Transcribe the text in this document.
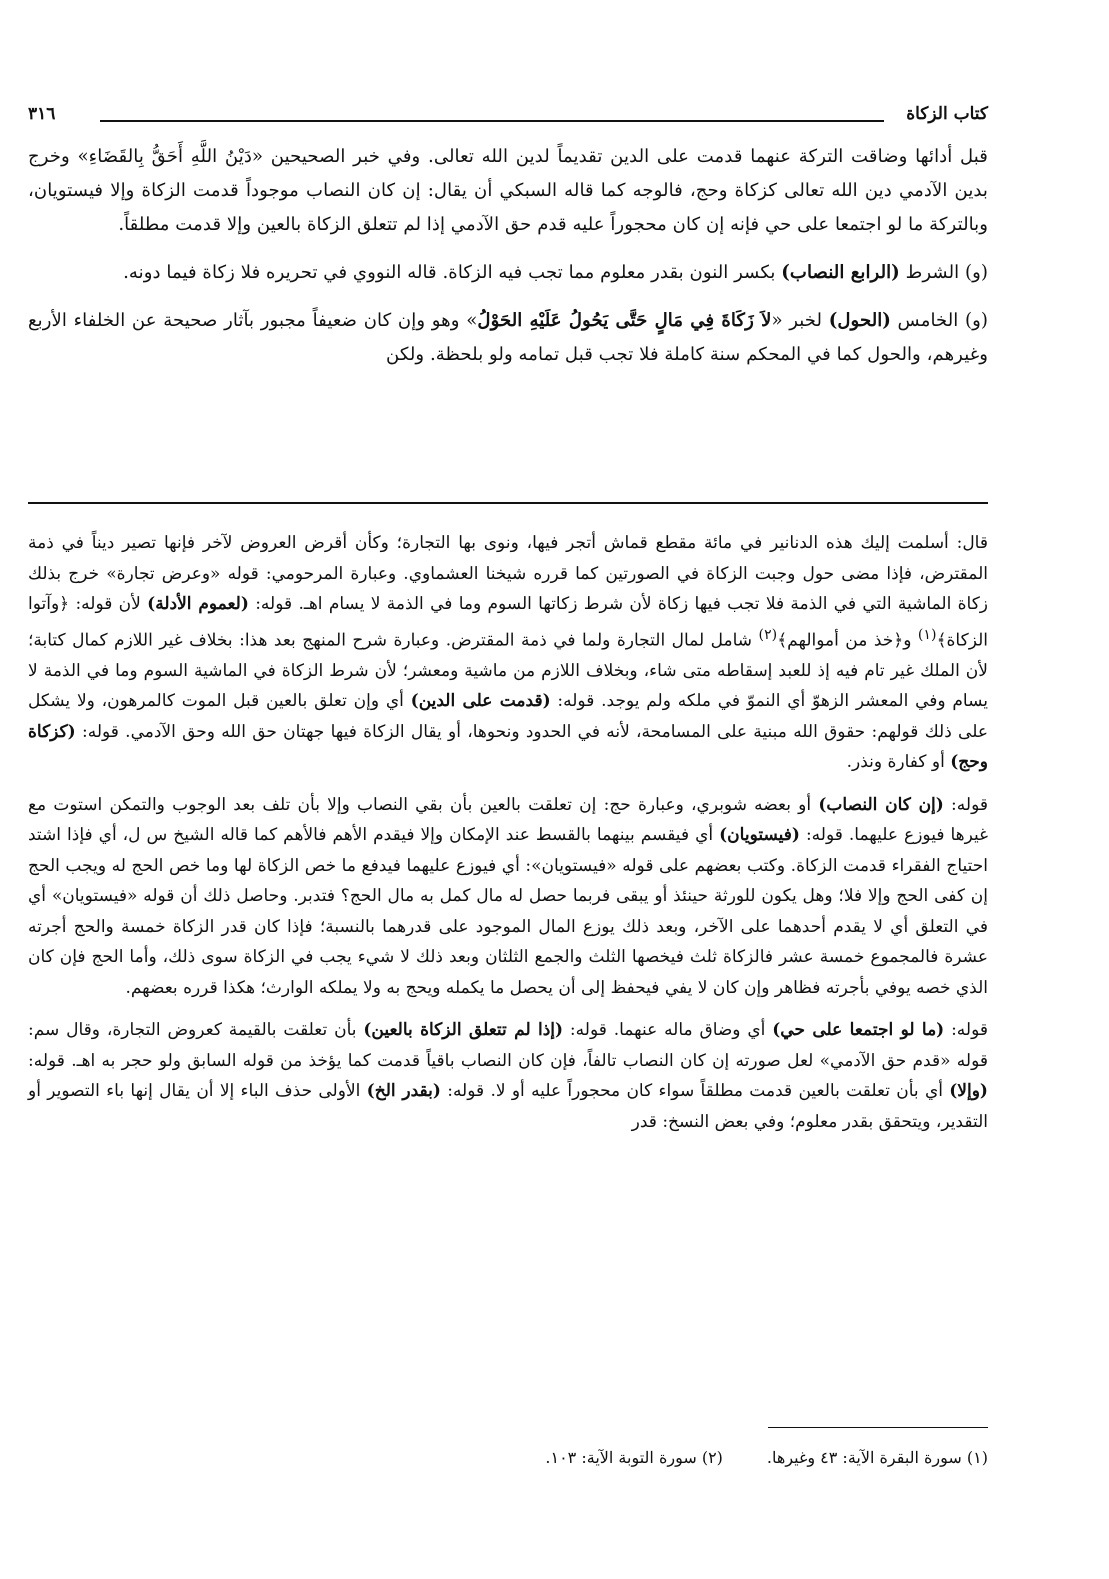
كتاب الزكاة
٣١٦

قبل أدائها وضاقت التركة عنهما قدمت على الدين تقديماً لدين الله تعالى. وفي خبر الصحيحين «دَيْنُ اللَّهِ أَحَقُّ بِالقَضَاءِ» وخرج بدين الآدمي دين الله تعالى كزكاة وحج، فالوجه كما قاله السبكي أن يقال: إن كان النصاب موجوداً قدمت الزكاة وإلا فيستويان، وبالتركة ما لو اجتمعا على حي فإنه إن كان محجوراً عليه قدم حق الآدمي إذا لم تتعلق الزكاة بالعين وإلا قدمت مطلقاً.

(و) الشرط (الرابع النصاب) بكسر النون بقدر معلوم مما تجب فيه الزكاة. قاله النووي في تحريره فلا زكاة فيما دونه.

(و) الخامس (الحول) لخبر «لاَ زَكَاةَ فِي مَالٍ حَتَّى يَحُولُ عَلَيْهِ الحَوْلُ» وهو وإن كان ضعيفاً مجبور بآثار صحيحة عن الخلفاء الأربع وغيرهم، والحول كما في المحكم سنة كاملة فلا تجب قبل تمامه ولو بلحظة. ولكن

قال: أسلمت إليك هذه الدنانير في مائة مقطع قماش أتجر فيها، ونوى بها التجارة؛ وكأن أقرض العروض لآخر فإنها تصير ديناً في ذمة المقترض، فإذا مضى حول وجبت الزكاة في الصورتين كما قرره شيخنا العشماوي. وعبارة المرحومي: قوله «وعرض تجارة» خرج بذلك زكاة الماشية التي في الذمة فلا تجب فيها زكاة لأن شرط زكاتها السوم وما في الذمة لا يسام اهـ. قوله: (لعموم الأدلة) لأن قوله: ﴿وآتوا الزكاة﴾$^{(١)}$ و﴿خذ من أموالهم﴾$^{(٢)}$ شامل لمال التجارة ولما في ذمة المقترض. وعبارة شرح المنهج بعد هذا: بخلاف غير اللازم كمال كتابة؛ لأن الملك غير تام فيه إذ للعبد إسقاطه متى شاء، وبخلاف اللازم من ماشية ومعشر؛ لأن شرط الزكاة في الماشية السوم وما في الذمة لا يسام وفي المعشر الزهوّ أي النموّ في ملكه ولم يوجد. قوله: (قدمت على الدين) أي وإن تعلق بالعين قبل الموت كالمرهون، ولا يشكل على ذلك قولهم: حقوق الله مبنية على المسامحة، لأنه في الحدود ونحوها، أو يقال الزكاة فيها جهتان حق الله وحق الآدمي. قوله: (كزكاة وحج) أو كفارة ونذر.

قوله: (إن كان النصاب) أو بعضه شوبري، وعبارة حج: إن تعلقت بالعين بأن بقي النصاب وإلا بأن تلف بعد الوجوب والتمكن استوت مع غيرها فيوزع عليهما. قوله: (فيستويان) أي فيقسم بينهما بالقسط عند الإمكان وإلا فيقدم الأهم فالأهم كما قاله الشيخ س ل، أي فإذا اشتد احتياج الفقراء قدمت الزكاة. وكتب بعضهم على قوله «فيستويان»: أي فيوزع عليهما فيدفع ما خص الزكاة لها وما خص الحج له ويجب الحج إن كفى الحج وإلا فلا؛ وهل يكون للورثة حينئذ أو يبقى فربما حصل له مال كمل به مال الحج؟ فتدبر. وحاصل ذلك أن قوله «فيستويان» أي في التعلق أي لا يقدم أحدهما على الآخر، وبعد ذلك يوزع المال الموجود على قدرهما بالنسبة؛ فإذا كان قدر الزكاة خمسة والحج أجرته عشرة فالمجموع خمسة عشر فالزكاة ثلث فيخصها الثلث والجمع الثلثان وبعد ذلك لا شيء يجب في الزكاة سوى ذلك، وأما الحج فإن كان الذي خصه يوفي بأجرته فظاهر وإن كان لا يفي فيحفظ إلى أن يحصل ما يكمله ويحج به ولا يملكه الوارث؛ هكذا قرره بعضهم.

قوله: (ما لو اجتمعا على حي) أي وضاق ماله عنهما. قوله: (إذا لم تتعلق الزكاة بالعين) بأن تعلقت بالقيمة كعروض التجارة، وقال سم: قوله «قدم حق الآدمي» لعل صورته إن كان النصاب تالفاً، فإن كان النصاب باقياً قدمت كما يؤخذ من قوله السابق ولو حجر به اهـ. قوله: (وإلا) أي بأن تعلقت بالعين قدمت مطلقاً سواء كان محجوراً عليه أو لا. قوله: (بقدر الخ) الأولى حذف الباء إلا أن يقال إنها باء التصوير أو التقدير، ويتحقق بقدر معلوم؛ وفي بعض النسخ: قدر

(١) سورة البقرة الآية: ٤٣ وغيرها.
(٢) سورة التوبة الآية: ١٠٣.
